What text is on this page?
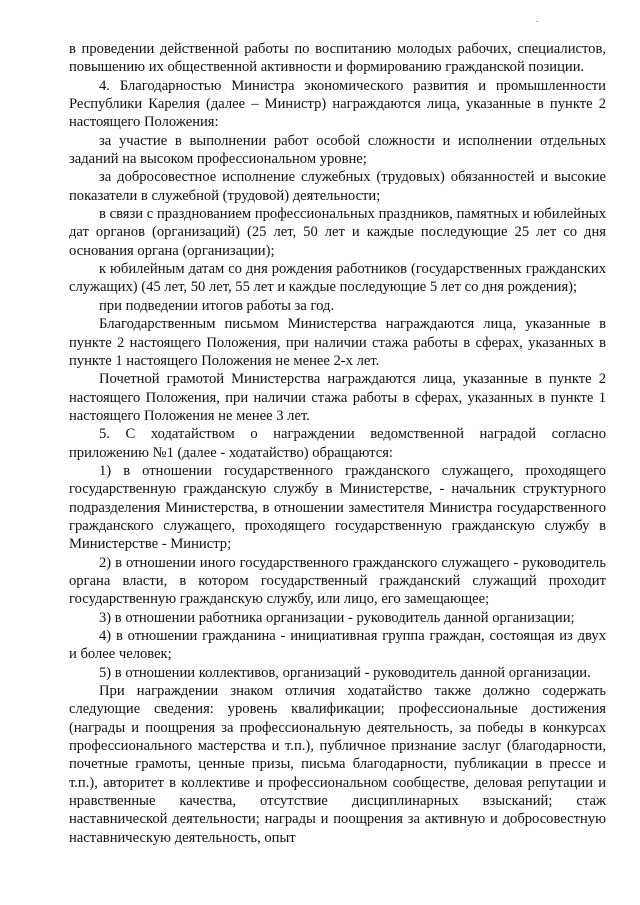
.

в проведении действенной работы по воспитанию молодых рабочих, специалистов, повышению их общественной активности и формированию гражданской позиции.

4. Благодарностью Министра экономического развития и промышленности Республики Карелия (далее – Министр) награждаются лица, указанные в пункте 2 настоящего Положения:

за участие в выполнении работ особой сложности и исполнении отдельных заданий на высоком профессиональном уровне;

за добросовестное исполнение служебных (трудовых) обязанностей и высокие показатели в служебной (трудовой) деятельности;

в связи с празднованием профессиональных праздников, памятных и юбилейных дат органов (организаций) (25 лет, 50 лет и каждые последующие 25 лет со дня основания органа (организации);

к юбилейным датам со дня рождения работников (государственных гражданских служащих) (45 лет, 50 лет, 55 лет и каждые последующие 5 лет со дня рождения);

при подведении итогов работы за год.

Благодарственным письмом Министерства награждаются лица, указанные в пункте 2 настоящего Положения, при наличии стажа работы в сферах, указанных в пункте 1 настоящего Положения не менее 2-х лет.

Почетной грамотой Министерства награждаются лица, указанные в пункте 2 настоящего Положения, при наличии стажа работы в сферах, указанных в пункте 1 настоящего Положения не менее 3 лет.

5. С ходатайством о награждении ведомственной наградой согласно приложению №1 (далее - ходатайство) обращаются:

1) в отношении государственного гражданского служащего, проходящего государственную гражданскую службу в Министерстве, - начальник структурного подразделения Министерства, в отношении заместителя Министра государственного гражданского служащего, проходящего государственную гражданскую службу в Министерстве - Министр;

2) в отношении иного государственного гражданского служащего - руководитель органа власти, в котором государственный гражданский служащий проходит государственную гражданскую службу, или лицо, его замещающее;

3) в отношении работника организации - руководитель данной организации;

4) в отношении гражданина - инициативная группа граждан, состоящая из двух и более человек;

5) в отношении коллективов, организаций - руководитель данной организации.

При награждении знаком отличия ходатайство также должно содержать следующие сведения: уровень квалификации; профессиональные достижения (награды и поощрения за профессиональную деятельность, за победы в конкурсах профессионального мастерства и т.п.), публичное признание заслуг (благодарности, почетные грамоты, ценные призы, письма благодарности, публикации в прессе и т.п.), авторитет в коллективе и профессиональном сообществе, деловая репутации и нравственные качества, отсутствие дисциплинарных взысканий; стаж наставнической деятельности; награды и поощрения за активную и добросовестную наставническую деятельность, опыт
